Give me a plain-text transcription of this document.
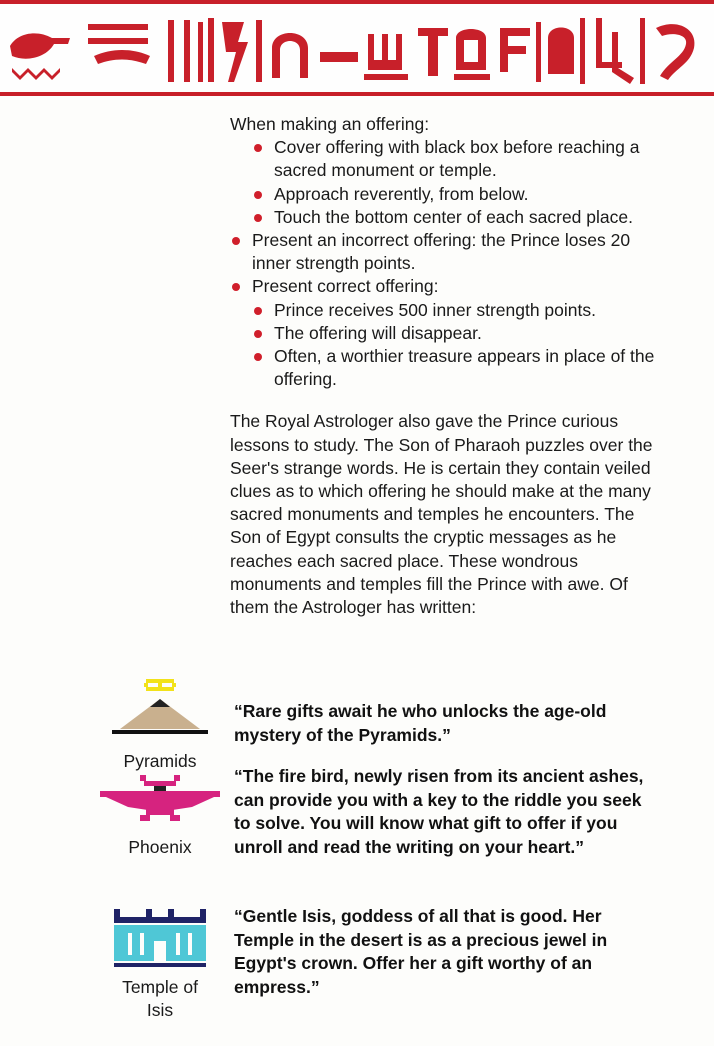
When making an offering:

Cover offering with black box before reaching a sacred monument or temple.
Approach reverently, from below.
Touch the bottom center of each sacred place.
Present an incorrect offering: the Prince loses 20 inner strength points.
Present correct offering:
Prince receives 500 inner strength points.
The offering will disappear.
Often, a worthier treasure appears in place of the offering.

The Royal Astrologer also gave the Prince curious lessons to study. The Son of Pharaoh puzzles over the Seer's strange words. He is certain they contain veiled clues as to which offering he should make at the many sacred monuments and temples he encounters. The Son of Egypt consults the cryptic messages as he reaches each sacred place. These wondrous monuments and temples fill the Prince with awe. Of them the Astrologer has written:

Pyramids
“Rare gifts await he who unlocks the age-old mystery of the Pyramids.”
Phoenix
“The fire bird, newly risen from its ancient ashes, can provide you with a key to the riddle you seek to solve. You will know what gift to offer if you unroll and read the writing on your heart.”
Temple of Isis
“Gentle Isis, goddess of all that is good. Her Temple in the desert is as a precious jewel in Egypt's crown. Offer her a gift worthy of an empress.”
